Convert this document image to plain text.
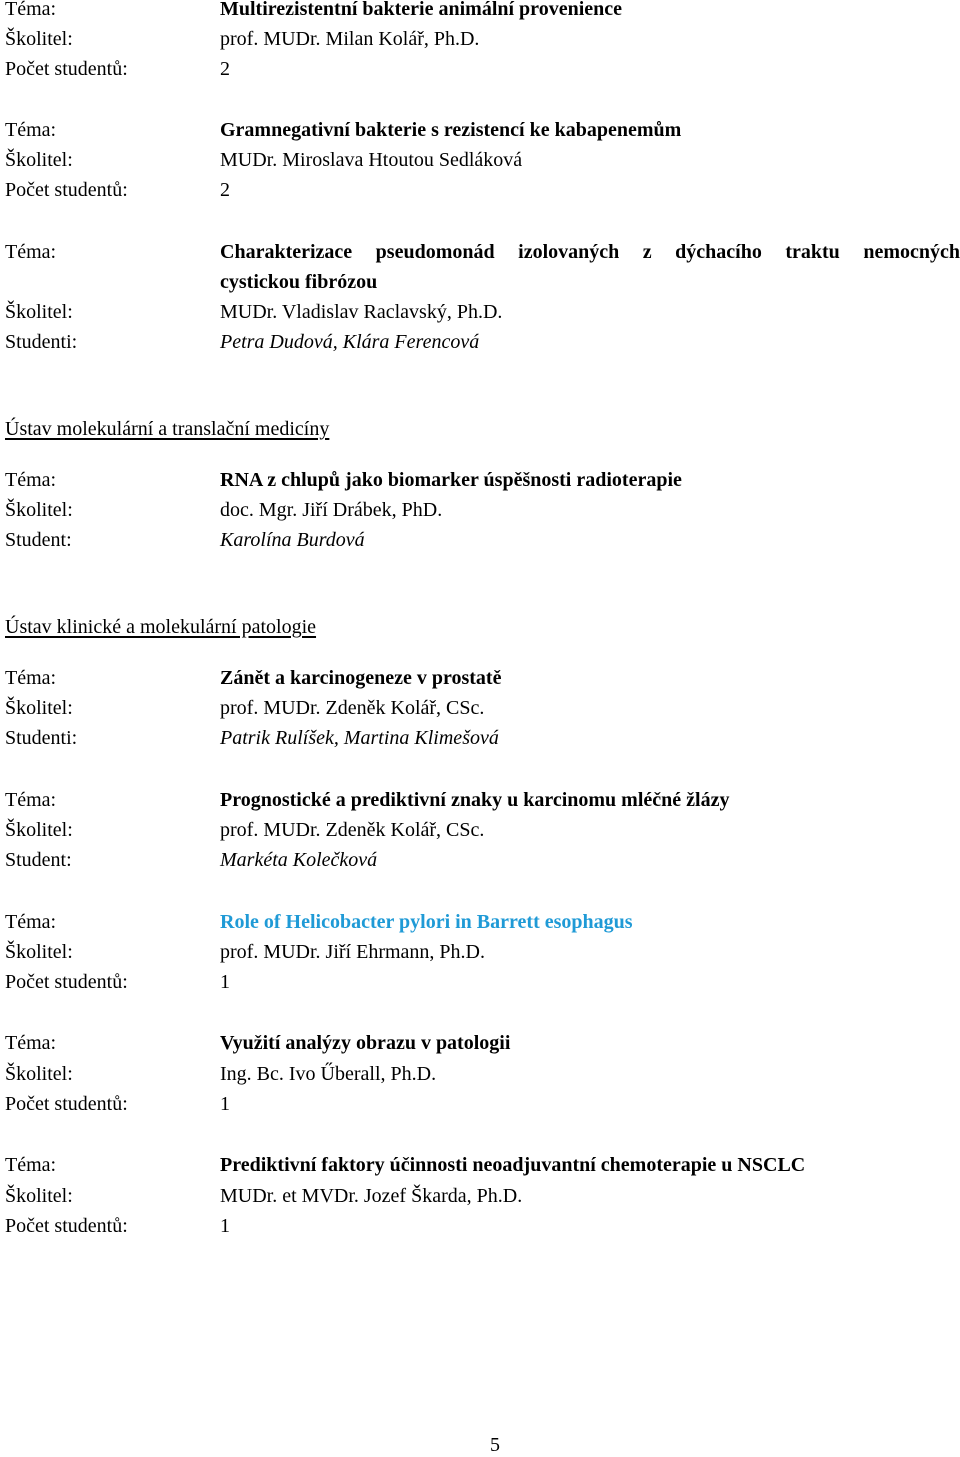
Téma:	Multirezistentní bakterie animální provenience
Školitel:	prof. MUDr. Milan Kolář, Ph.D.
Počet studentů:	2
Téma:	Gramnegativní bakterie s rezistencí ke kabapenemům
Školitel:	MUDr. Miroslava Htoutou Sedláková
Počet studentů:	2
Téma:	Charakterizace pseudomonád izolovaných z dýchacího traktu nemocných
cystickou fibrózou
Školitel:	MUDr. Vladislav Raclavský, Ph.D.
Studenti:	Petra Dudová, Klára Ferencová
Ústav molekulární a translační medicíny
Téma:	RNA z chlupů jako biomarker úspěšnosti radioterapie
Školitel:	doc. Mgr. Jiří Drábek, PhD.
Student:	Karolína Burdová
Ústav klinické a molekulární patologie
Téma:	Zánět a karcinogeneze v prostatě
Školitel:	prof. MUDr. Zdeněk Kolář, CSc.
Studenti:	Patrik Rulíšek, Martina Klimešová
Téma:	Prognostické a prediktivní znaky u karcinomu mléčné žlázy
Školitel:	prof. MUDr. Zdeněk Kolář, CSc.
Student:	Markéta Kolečková
Téma:	Role of Helicobacter pylori in Barrett esophagus
Školitel:	prof. MUDr. Jiří Ehrmann, Ph.D.
Počet studentů:	1
Téma:	Využití analýzy obrazu v patologii
Školitel:	Ing. Bc. Ivo Űberall, Ph.D.
Počet studentů:	1
Téma:	Prediktivní faktory účinnosti neoadjuvantní chemoterapie u NSCLC
Školitel:	MUDr. et MVDr. Jozef Škarda, Ph.D.
Počet studentů:	1
5
